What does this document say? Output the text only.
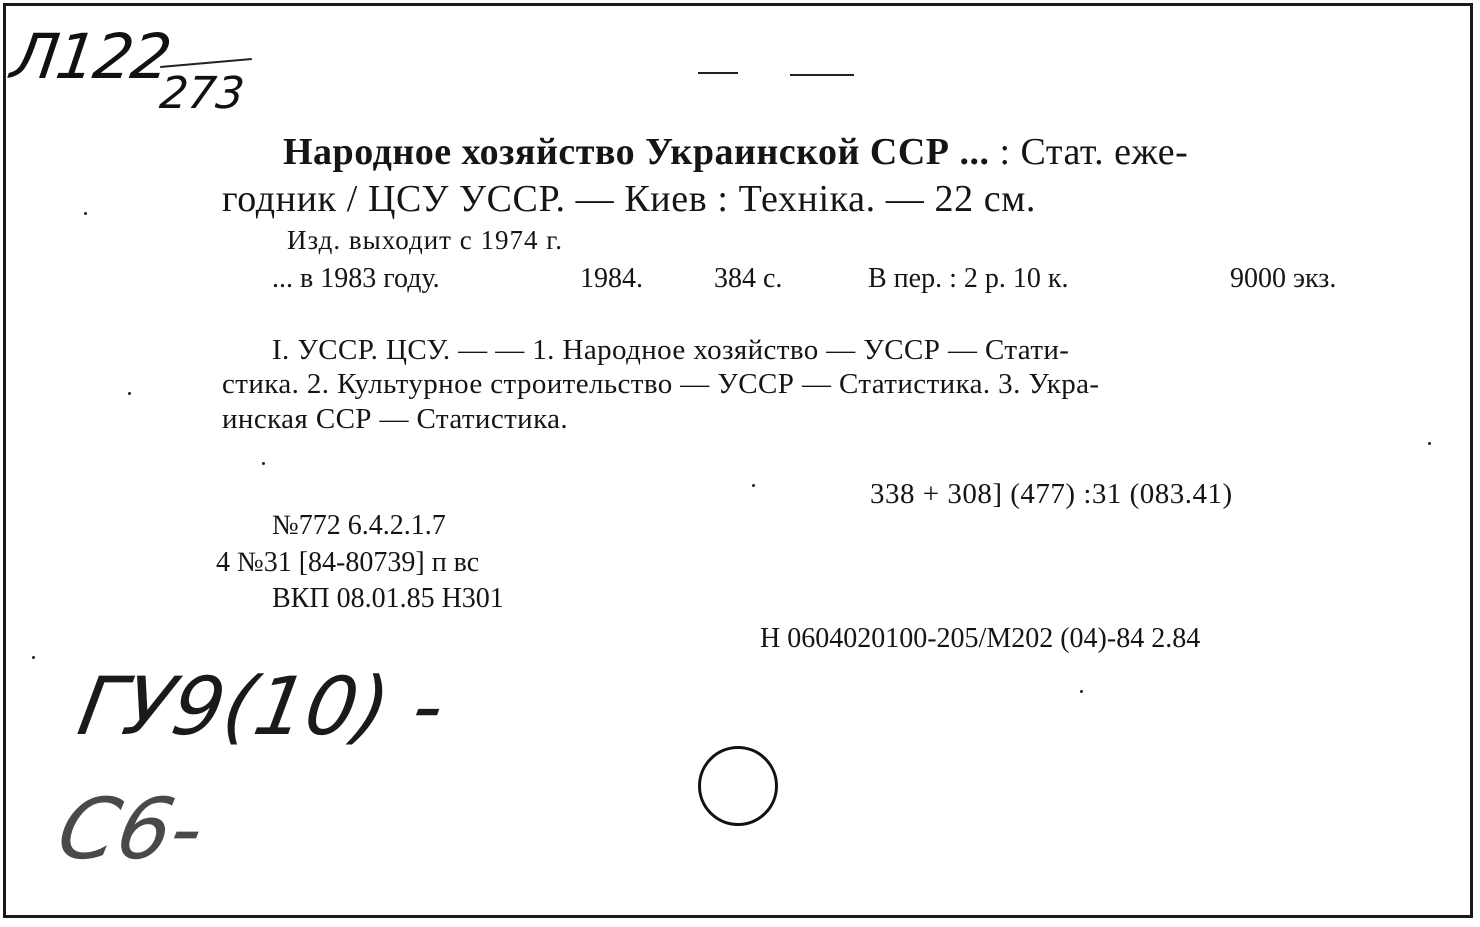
Л122
273
Народное хозяйство Украинской ССР ... : Стат. еже-
годник / ЦСУ УССР. — Киев : Техніка. — 22 см.
Изд. выходит с 1974 г.
... в 1983 году.	1984.	384 с.	В пер. : 2 р. 10 к.	9000 экз.
I. УССР. ЦСУ. — — 1. Народное хозяйство — УССР — Стати-
стика. 2. Культурное строительство — УССР — Статистика. 3. Укра-
инская ССР — Статистика.
338 + 308] (477) :31 (083.41)
№772 6.4.2.1.7
4 №31 [84-80739] п вс
ВКП 08.01.85 Н301
Н 0604020100-205/М202 (04)-84 2.84
ГУ9(10) -
С6-
